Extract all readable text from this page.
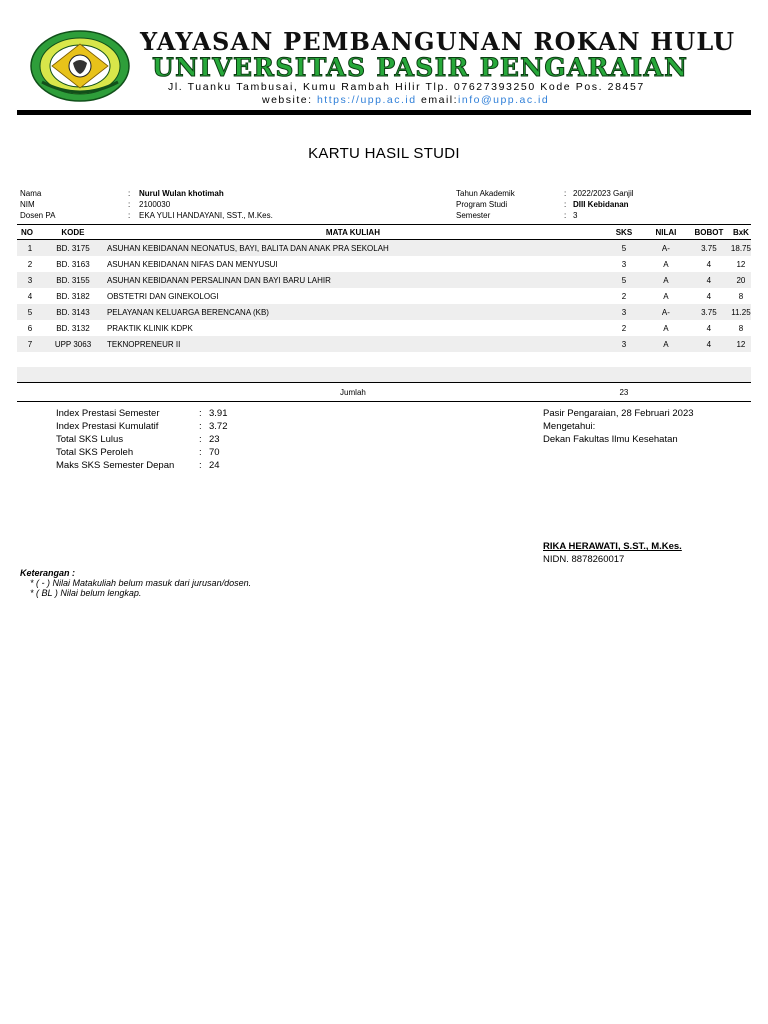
YAYASAN PEMBANGUNAN ROKAN HULU
UNIVERSITAS PASIR PENGARAIAN
Jl. Tuanku Tambusai, Kumu Rambah Hilir Tlp. 07627393250 Kode Pos. 28457
website: https://upp.ac.id email:info@upp.ac.id
KARTU HASIL STUDI
Nama	: Nurul Wulan khotimah
NIM	: 2100030
Dosen PA	: EKA YULI HANDAYANI, SST., M.Kes.
Tahun Akademik	: 2022/2023 Ganjil
Program Studi	: DIII Kebidanan
Semester	: 3
NO	KODE	MATA KULIAH	SKS	NILAI	BOBOT	BxK
1	BD. 3175	ASUHAN KEBIDANAN NEONATUS, BAYI, BALITA DAN ANAK PRA SEKOLAH	5	A-	3.75	18.75
2	BD. 3163	ASUHAN KEBIDANAN NIFAS DAN MENYUSUI	3	A	4	12
3	BD. 3155	ASUHAN KEBIDANAN PERSALINAN DAN BAYI BARU LAHIR	5	A	4	20
4	BD. 3182	OBSTETRI DAN GINEKOLOGI	2	A	4	8
5	BD. 3143	PELAYANAN KELUARGA BERENCANA (KB)	3	A-	3.75	11.25
6	BD. 3132	PRAKTIK KLINIK KDPK	2	A	4	8
7	UPP 3063	TEKNOPRENEUR II	3	A	4	12

		Jumlah	23			
Index Prestasi Semester	: 3.91
Index Prestasi Kumulatif	: 3.72
Total SKS Lulus	: 23
Total SKS Peroleh	: 70
Maks SKS Semester Depan	: 24
Pasir Pengaraian, 28 Februari 2023
Mengetahui:
Dekan Fakultas Ilmu Kesehatan
RIKA HERAWATI, S.ST., M.Kes.
NIDN. 8878260017
Keterangan :
* ( - ) Nilai Matakuliah belum masuk dari jurusan/dosen.
* ( BL ) Nilai belum lengkap.
